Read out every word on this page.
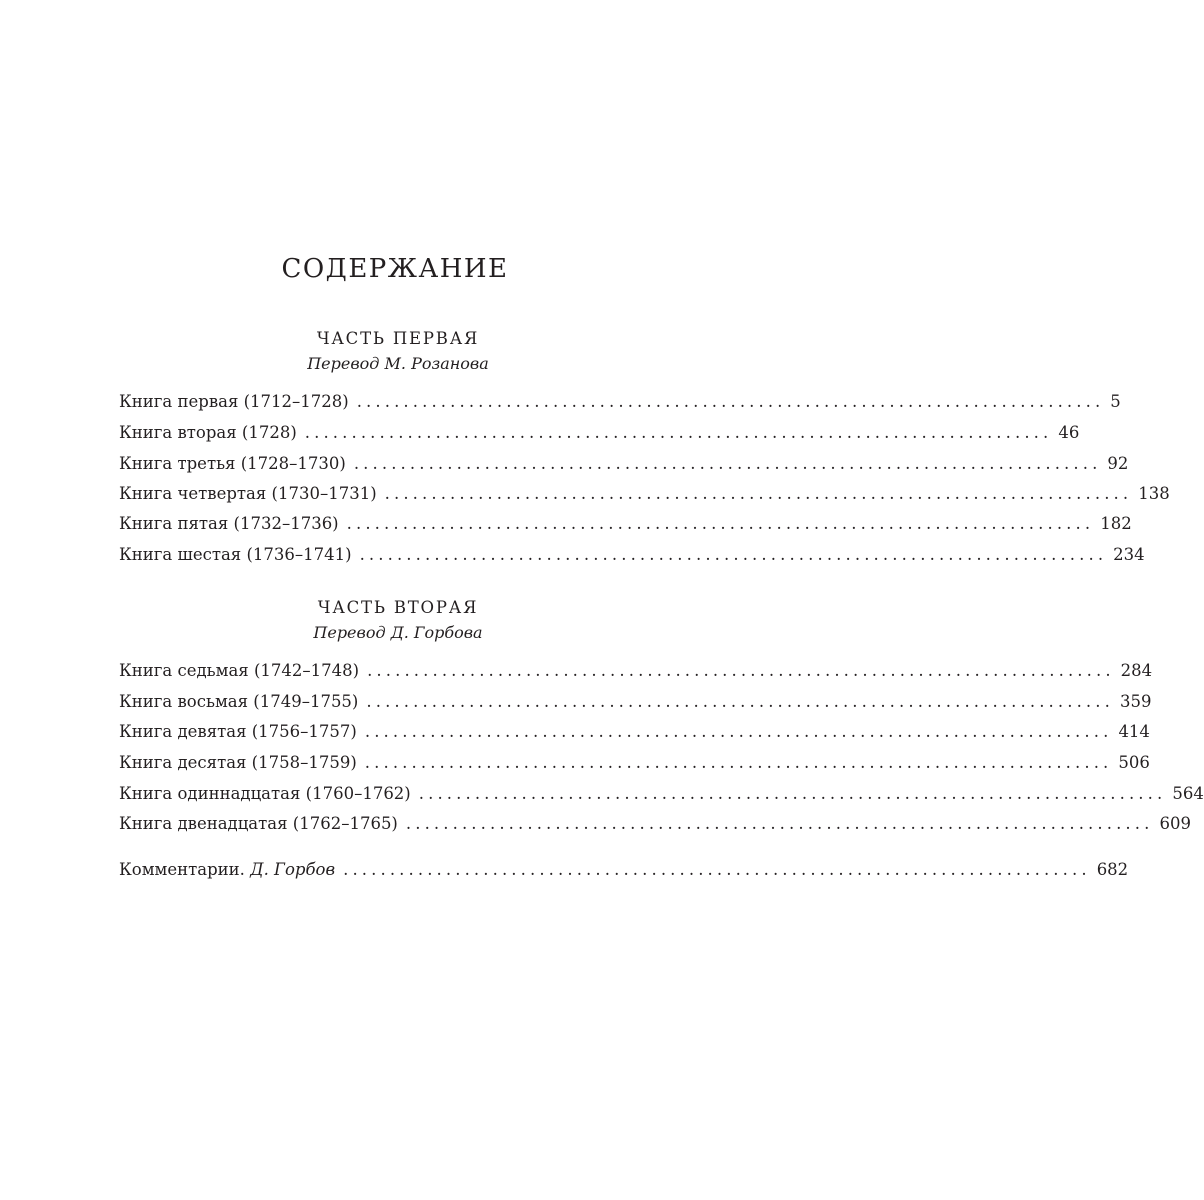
СОДЕРЖАНИЕ
ЧАСТЬ ПЕРВАЯ
Перевод М. Розанова
Книга первая (1712–1728) ................................................................................ 5
Книга вторая (1728) ................................................................................ 46
Книга третья (1728–1730) ................................................................................ 92
Книга четвертая (1730–1731) ................................................................................ 138
Книга пятая (1732–1736) ................................................................................ 182
Книга шестая (1736–1741) ................................................................................ 234
ЧАСТЬ ВТОРАЯ
Перевод Д. Горбова
Книга седьмая (1742–1748) ................................................................................ 284
Книга восьмая (1749–1755) ................................................................................ 359
Книга девятая (1756–1757) ................................................................................ 414
Книга десятая (1758–1759) ................................................................................ 506
Книга одиннадцатая (1760–1762) ................................................................................ 564
Книга двенадцатая (1762–1765) ................................................................................ 609
Комментарии. Д. Горбов ................................................................................ 682
